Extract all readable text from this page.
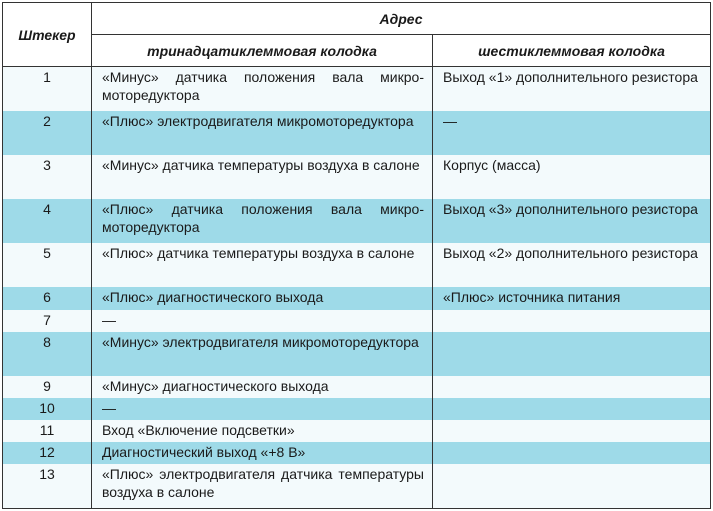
Штекер	Адрес	
	тринадцатиклеммовая колодка	шестиклеммовая колодка
1	«Минус» датчика положения вала микромоторедуктора	Выход «1» дополнительного резистора
2	«Плюс» электродвигателя микромоторедуктора	—
3	«Минус» датчика температуры воздуха в салоне	Корпус (масса)
4	«Плюс» датчика положения вала микромоторедуктора	Выход «3» дополнительного резистора
5	«Плюс» датчика температуры воздуха в салоне	Выход «2» дополнительного резистора
6	«Плюс» диагностического выхода	«Плюс» источника питания
7	—	
8	«Минус» электродвигателя микромоторедуктора	
9	«Минус» диагностического выхода	
10	—	
11	Вход «Включение подсветки»	
12	Диагностический выход «+8 В»	
13	«Плюс» электродвигателя датчика температуры воздуха в салоне	
